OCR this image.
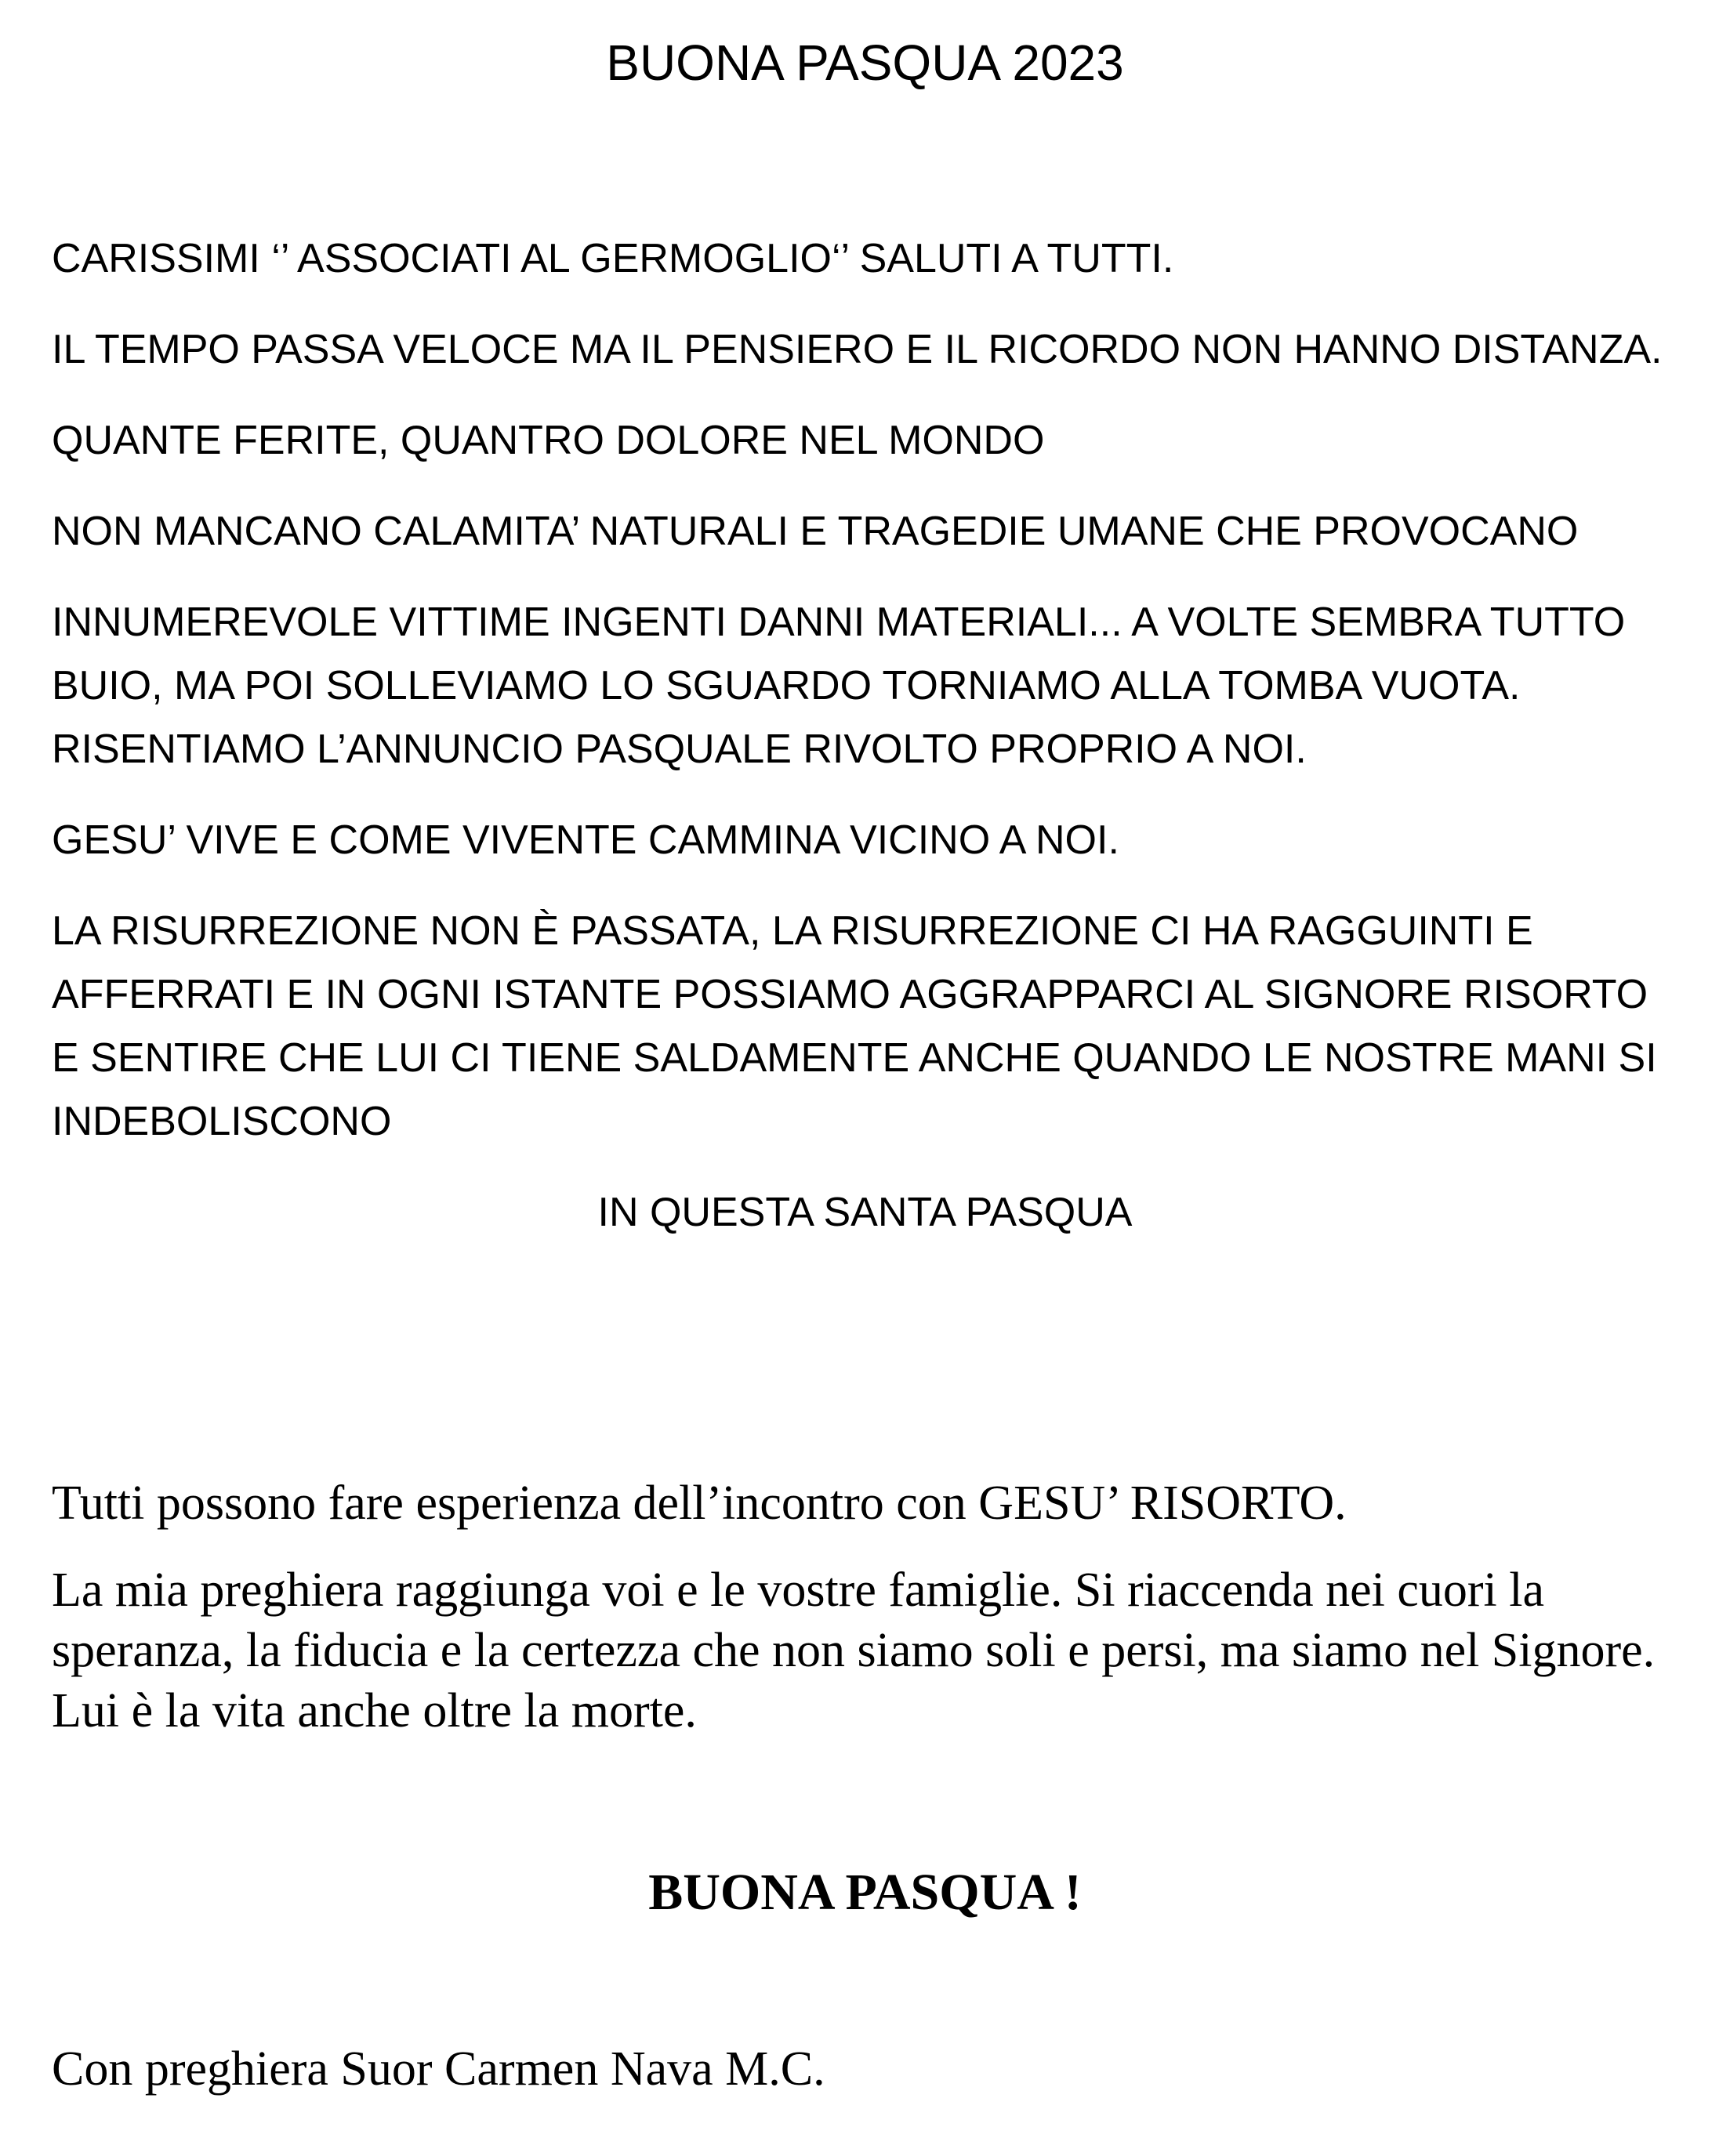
BUONA PASQUA 2023

CARISSIMI ‘’ ASSOCIATI AL GERMOGLIO‘’ SALUTI A TUTTI.

IL TEMPO PASSA VELOCE MA IL PENSIERO E IL RICORDO NON HANNO DISTANZA.

QUANTE FERITE, QUANTRO DOLORE NEL MONDO

NON MANCANO CALAMITA’ NATURALI E TRAGEDIE UMANE CHE PROVOCANO

INNUMEREVOLE VITTIME INGENTI DANNI MATERIALI... A VOLTE SEMBRA TUTTO BUIO, MA POI SOLLEVIAMO LO SGUARDO TORNIAMO ALLA TOMBA VUOTA. RISENTIAMO L’ANNUNCIO PASQUALE RIVOLTO PROPRIO A NOI.

GESU’ VIVE E COME VIVENTE CAMMINA VICINO A NOI.

LA RISURREZIONE NON È PASSATA, LA RISURREZIONE CI HA RAGGUINTI E AFFERRATI E IN OGNI ISTANTE POSSIAMO AGGRAPPARCI AL SIGNORE RISORTO E SENTIRE CHE LUI CI TIENE SALDAMENTE ANCHE QUANDO LE NOSTRE MANI SI INDEBOLISCONO

IN QUESTA SANTA PASQUA

Tutti possono fare esperienza dell’incontro con GESU’ RISORTO.

La mia preghiera raggiunga voi e le vostre famiglie. Si riaccenda nei cuori la speranza, la fiducia e la certezza che non siamo soli e persi, ma siamo nel Signore. Lui è la vita anche oltre la morte.

BUONA PASQUA !

Con preghiera Suor Carmen Nava M.C.
